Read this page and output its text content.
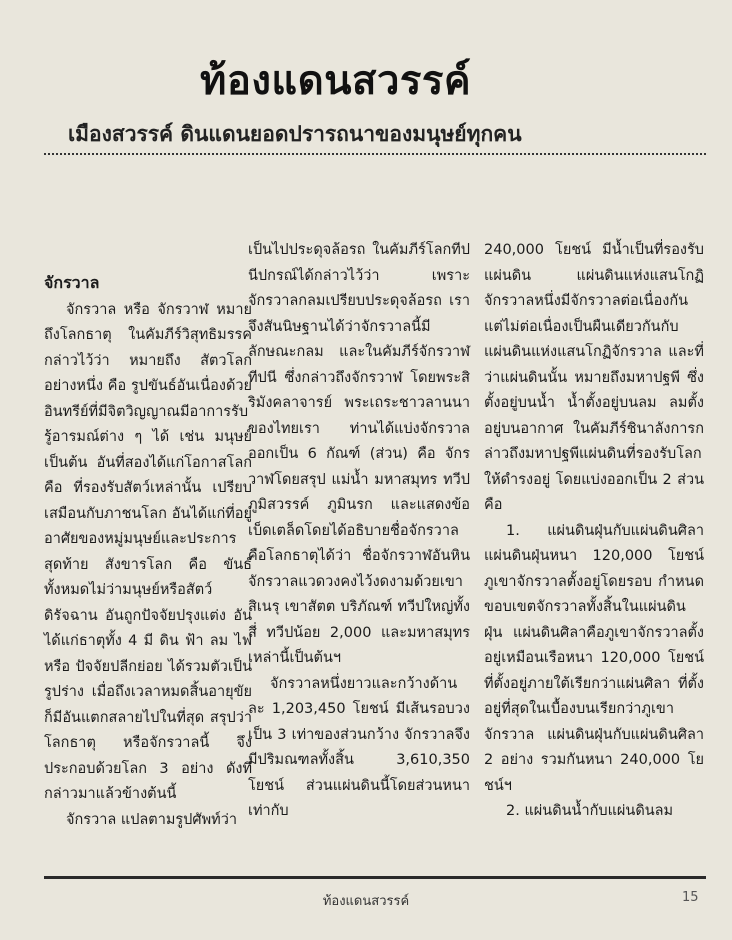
ท้องแดนสวรรค์
เมืองสวรรค์ ดินแดนยอดปรารถนาของมนุษย์ทุกคน

จักรวาล

จักรวาล หรือ จักรวาฬ หมายถึงโลกธาตุ ในคัมภีร์วิสุทธิมรรคกล่าวไว้ว่า หมายถึง สัตวโลก อย่างหนึ่ง คือ รูปขันธ์อันเนื่องด้วยอินทรีย์ที่มีจิตวิญญาณมีอาการรับรู้อารมณ์ต่าง ๆ ได้ เช่น มนุษย์ เป็นต้น อันที่สองได้แก่โอกาสโลก คือ ที่รองรับสัตว์เหล่านั้น เปรียบเสมือนกับภาชนโลก อันได้แก่ที่อยู่อาศัยของหมู่มนุษย์และประการสุดท้าย สังขารโลก คือ ขันธ์ทั้งหมดไม่ว่ามนุษย์หรือสัตว์ดิรัจฉาน อันถูกปัจจัยปรุงแต่ง อันได้แก่ธาตุทั้ง 4 มี ดิน ฟ้า ลม ไฟ หรือ ปัจจัยปลีกย่อย ได้รวมตัวเป็นรูปร่าง เมื่อถึงเวลาหมดสิ้นอายุขัย ก็มีอันแตกสลายไปในที่สุด สรุปว่า โลกธาตุ หรือจักรวาลนี้ จึงประกอบด้วยโลก 3 อย่าง ดังที่กล่าวมาแล้วข้างต้นนี้

จักรวาล แปลตามรูปศัพท์ว่า

เป็นไปประดุจล้อรถ ในคัมภีร์โลกทีปนีปกรณ์ได้กล่าวไว้ว่า เพราะจักรวาลกลมเปรียบประดุจล้อรถ เราจึงสันนิษฐานได้ว่าจักรวาลนี้มีลักษณะกลม และในคัมภีร์จักรวาฬทีปนี ซึ่งกล่าวถึงจักรวาฬ โดยพระสิริมังคลาจารย์ พระเถระชาวลานนาของไทยเรา ท่านได้แบ่งจักรวาลออกเป็น 6 กัณฑ์ (ส่วน) คือ จักรวาฬโดยสรุป แม่น้ำ มหาสมุทร ทวีป ภูมิสวรรค์ ภูมินรก และแสดงข้อเบ็ดเตล็ดโดยได้อธิบายชื่อจักรวาลคือโลกธาตุได้ว่า ชื่อจักรวาฬอันหินจักรวาลแวดวงคงไว้งดงามด้วยเขาสิเนรุ เขาสัตต บริภัณฑ์ ทวีปใหญ่ทั้งสี่ ทวีปน้อย 2,000 และมหาสมุทร เหล่านี้เป็นต้นฯ

จักรวาลหนึ่งยาวและกว้างด้านละ 1,203,450 โยชน์ มีเส้นรอบวงเป็น 3 เท่าของส่วนกว้าง จักรวาลจึงมีปริมณฑลทั้งสิ้น 3,610,350 โยชน์ ส่วนแผ่นดินนี้โดยส่วนหนาเท่ากับ

240,000 โยชน์ มีน้ำเป็นที่รองรับแผ่นดิน แผ่นดินแห่งแสนโกฏิจักรวาลหนึ่งมีจักรวาลต่อเนื่องกัน แต่ไม่ต่อเนื่องเป็นผืนเดียวกันกับแผ่นดินแห่งแสนโกฏิจักรวาล และที่ว่าแผ่นดินนั้น หมายถึงมหาปฐพี ซึ่งตั้งอยู่บนน้ำ น้ำตั้งอยู่บนลม ลมตั้งอยู่บนอากาศ ในคัมภีร์ชินาลังการกล่าวถึงมหาปฐพีแผ่นดินที่รองรับโลกให้ดำรงอยู่ โดยแบ่งออกเป็น 2 ส่วน คือ

1. แผ่นดินฝุ่นกับแผ่นดินศิลา แผ่นดินฝุ่นหนา 120,000 โยชน์ ภูเขาจักรวาลตั้งอยู่โดยรอบ กำหนดขอบเขตจักรวาลทั้งสิ้นในแผ่นดินฝุ่น แผ่นดินศิลาคือภูเขาจักรวาลตั้งอยู่เหมือนเรือหนา 120,000 โยชน์ ที่ตั้งอยู่ภายใต้เรียกว่าแผ่นศิลา ที่ตั้งอยู่ที่สุดในเบื้องบนเรียกว่าภูเขาจักรวาล แผ่นดินฝุ่นกับแผ่นดินศิลา 2 อย่าง รวมกันหนา 240,000 โยชน์ฯ

2. แผ่นดินน้ำกับแผ่นดินลม

ท้องแดนสวรรค์	15
